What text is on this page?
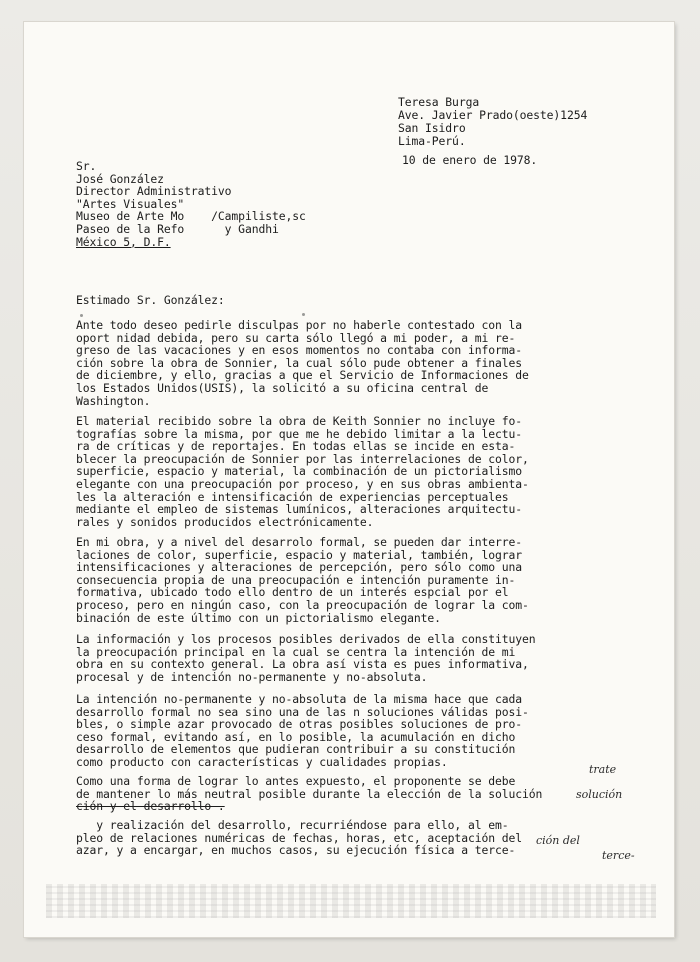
Teresa Burga
Ave. Javier Prado(oeste)1254
San Isidro
Lima-Perú.
10 de enero de 1978.
Sr.
José González
Director Administrativo
"Artes Visuales"
Museo de Arte Mo    /Campiliste,sc
Paseo de la Refo      y Gandhi
México 5, D.F.
Estimado Sr. González:
Ante todo deseo pedirle disculpas por no haberle contestado con la
oport nidad debida, pero su carta sólo llegó a mi poder, a mi re-
greso de las vacaciones y en esos momentos no contaba con informa-
ción sobre la obra de Sonnier, la cual sólo pude obtener a finales
de diciembre, y ello, gracias a que el Servicio de Informaciones de
los Estados Unidos(USIS), la solicitó a su oficina central de
Washington.
El material recibido sobre la obra de Keith Sonnier no incluye fo-
tografías sobre la misma, por que me he debido limitar a la lectu-
ra de críticas y de reportajes. En todas ellas se incide en esta-
blecer la preocupación de Sonnier por las interrelaciones de color,
superficie, espacio y material, la combinación de un pictorialismo
elegante con una preocupación por proceso, y en sus obras ambienta-
les la alteración e intensificación de experiencias perceptuales
mediante el empleo de sistemas lumínicos, alteraciones arquitectu-
rales y sonidos producidos electrónicamente.
En mi obra, y a nivel del desarrolo formal, se pueden dar interre-
laciones de color, superficie, espacio y material, también, lograr
intensificaciones y alteraciones de percepción, pero sólo como una
consecuencia propia de una preocupación e intención puramente in-
formativa, ubicado todo ello dentro de un interés espcial por el
proceso, pero en ningún caso, con la preocupación de lograr la com-
binación de este último con un pictorialismo elegante.
La información y los procesos posibles derivados de ella constituyen
la preocupación principal en la cual se centra la intención de mi
obra en su contexto general. La obra así vista es pues informativa,
procesal y de intención no-permanente y no-absoluta.
La intención no-permanente y no-absoluta de la misma hace que cada
desarrollo formal no sea sino una de las n soluciones válidas posi-
bles, o simple azar provocado de otras posibles soluciones de pro-
ceso formal, evitando así, en lo posible, la acumulación en dicho
desarrollo de elementos que pudieran contribuir a su constitución
como producto con características y cualidades propias.
Como una forma de lograr lo antes expuesto, el proponente se debe
de mantener lo más neutral posible durante la elección de la solución
ción y el desarrollo .
y realización del desarrollo, recurriéndose para ello, al em-
pleo de relaciones numéricas de fechas, horas, etc, aceptación del
azar, y a encargar, en muchos casos, su ejecución física a terce-
trate
solución
ción del
terce-
